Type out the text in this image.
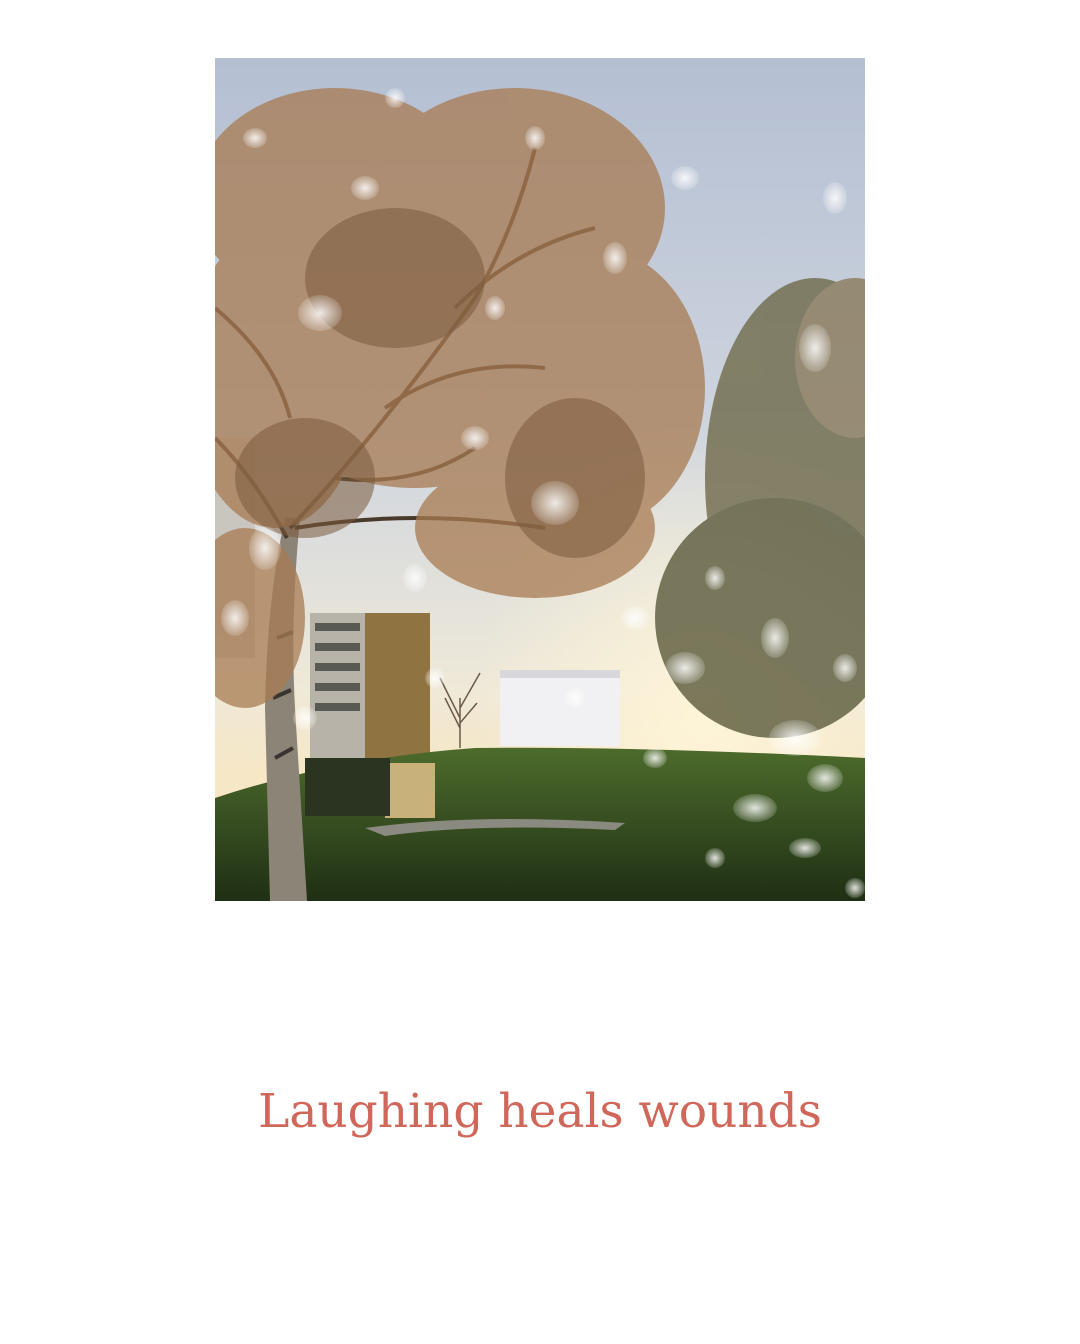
Laughing heals wounds
